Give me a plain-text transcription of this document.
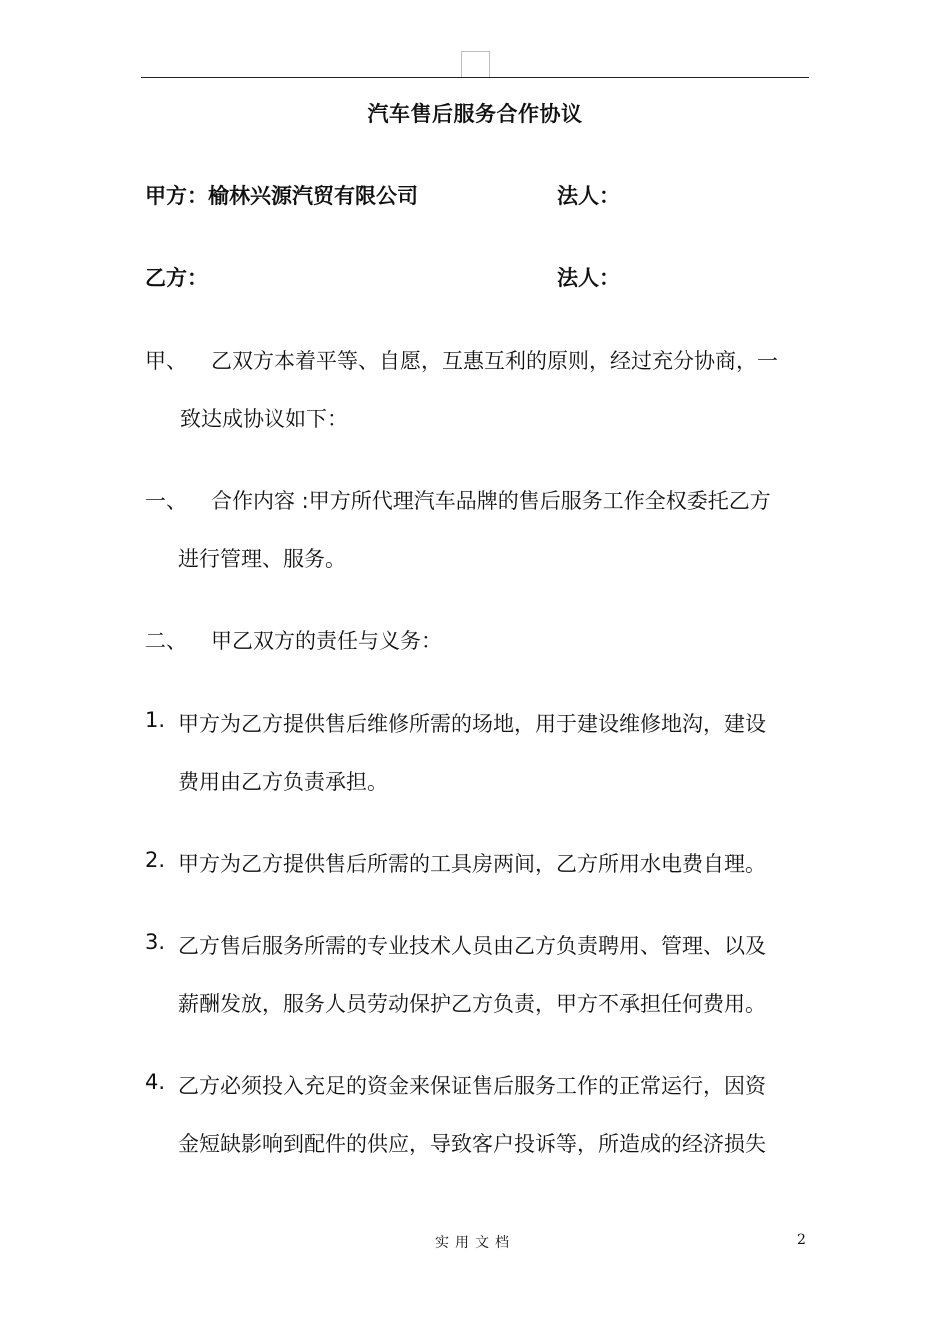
汽车售后服务合作协议
甲方：榆林兴源汽贸有限公司	法人：
乙方：	法人：
甲、 乙双方本着平等、自愿，互惠互利的原则，经过充分协商，一
致达成协议如下：
一、 合作内容 :甲方所代理汽车品牌的售后服务工作全权委托乙方
进行管理、服务。
二、 甲乙双方的责任与义务：
1. 甲方为乙方提供售后维修所需的场地，用于建设维修地沟，建设
费用由乙方负责承担。
2. 甲方为乙方提供售后所需的工具房两间，乙方所用水电费自理。
3. 乙方售后服务所需的专业技术人员由乙方负责聘用、管理、以及
薪酬发放，服务人员劳动保护乙方负责，甲方不承担任何费用。
4. 乙方必须投入充足的资金来保证售后服务工作的正常运行，因资
金短缺影响到配件的供应，导致客户投诉等，所造成的经济损失
实用文档	2
